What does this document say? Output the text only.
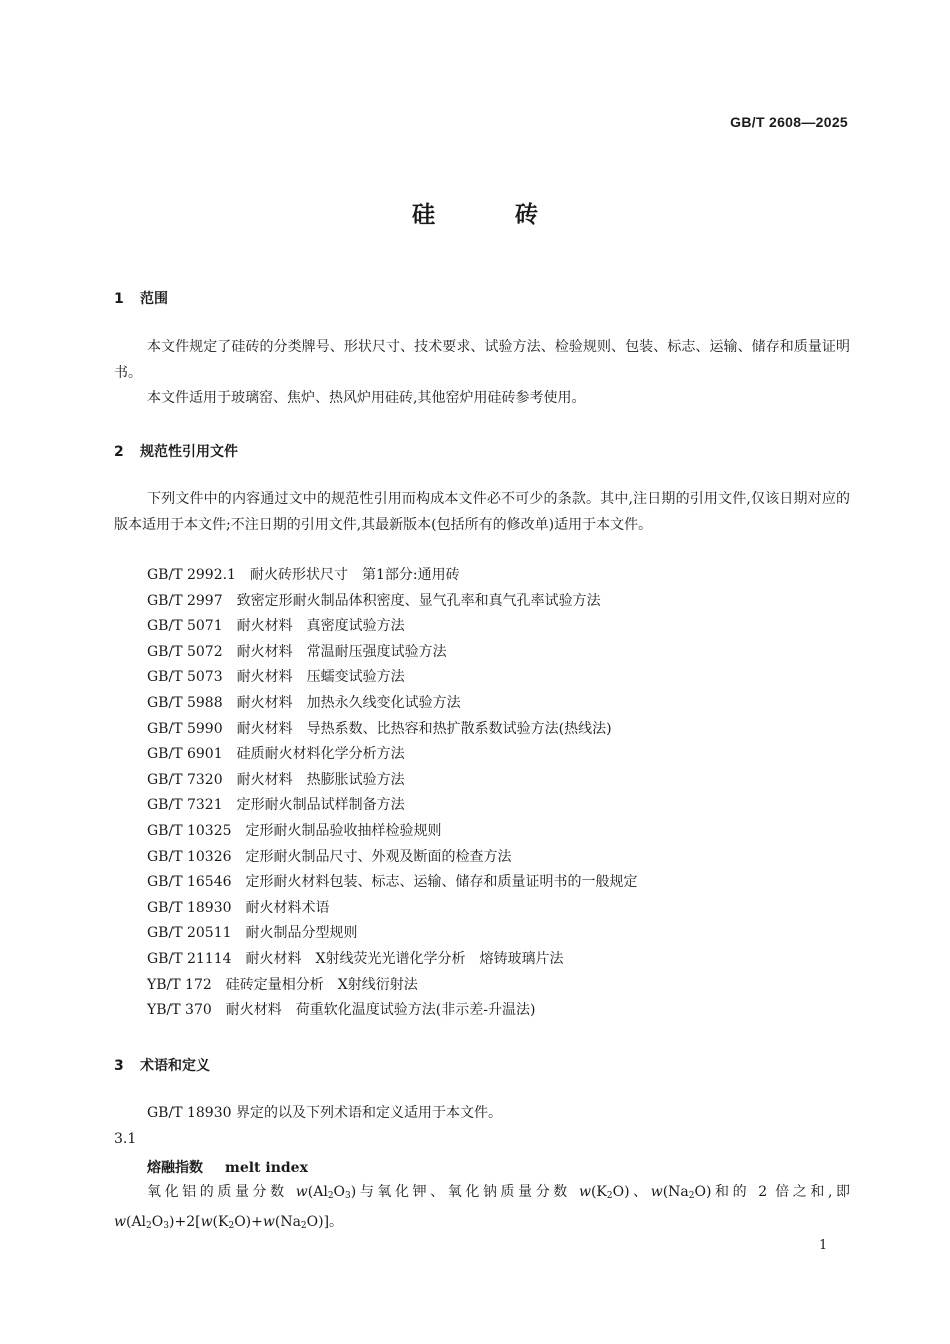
GB/T 2608—2025
硅	砖
1 范围
本文件规定了硅砖的分类牌号、形状尺寸、技术要求、试验方法、检验规则、包装、标志、运输、储存和质量证明书。
本文件适用于玻璃窑、焦炉、热风炉用硅砖,其他窑炉用硅砖参考使用。
2 规范性引用文件
下列文件中的内容通过文中的规范性引用而构成本文件必不可少的条款。其中,注日期的引用文件,仅该日期对应的版本适用于本文件;不注日期的引用文件,其最新版本(包括所有的修改单)适用于本文件。
GB/T 2992.1 耐火砖形状尺寸　第1部分:通用砖
GB/T 2997 致密定形耐火制品体积密度、显气孔率和真气孔率试验方法
GB/T 5071 耐火材料　真密度试验方法
GB/T 5072 耐火材料　常温耐压强度试验方法
GB/T 5073 耐火材料　压蠕变试验方法
GB/T 5988 耐火材料　加热永久线变化试验方法
GB/T 5990 耐火材料　导热系数、比热容和热扩散系数试验方法(热线法)
GB/T 6901 硅质耐火材料化学分析方法
GB/T 7320 耐火材料　热膨胀试验方法
GB/T 7321 定形耐火制品试样制备方法
GB/T 10325 定形耐火制品验收抽样检验规则
GB/T 10326 定形耐火制品尺寸、外观及断面的检查方法
GB/T 16546 定形耐火材料包装、标志、运输、储存和质量证明书的一般规定
GB/T 18930 耐火材料术语
GB/T 20511 耐火制品分型规则
GB/T 21114 耐火材料　X射线荧光光谱化学分析　熔铸玻璃片法
YB/T 172 硅砖定量相分析　X射线衍射法
YB/T 370 耐火材料　荷重软化温度试验方法(非示差-升温法)
3 术语和定义
GB/T 18930 界定的以及下列术语和定义适用于本文件。
3.1
熔融指数 melt index
氧化铝的质量分数 $w(Al_2O_3)$与氧化钾、氧化钠质量分数 $w(K_2O)$、$w(Na_2O)$和的 2 倍之和,即 $w(Al_2O_3)+2[w(K_2O)+w(Na_2O)]$。
1
